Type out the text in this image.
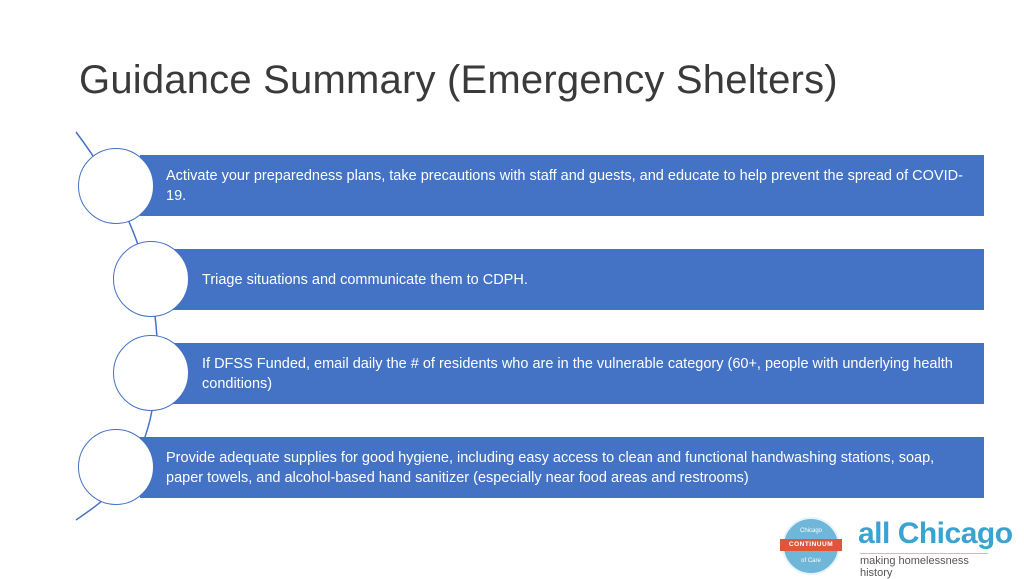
Guidance Summary (Emergency Shelters)
Activate your preparedness plans, take precautions with staff and guests, and educate to help prevent the spread of COVID-19.
Triage situations and communicate them to CDPH.
If DFSS Funded, email daily the # of residents who are in the vulnerable category (60+, people with underlying health conditions)
Provide adequate supplies for good hygiene, including easy access to clean and functional handwashing stations, soap, paper towels, and alcohol-based hand sanitizer (especially near food areas and restrooms)
Chicago
CONTINUUM
of Care
all Chicago
making homelessness history
